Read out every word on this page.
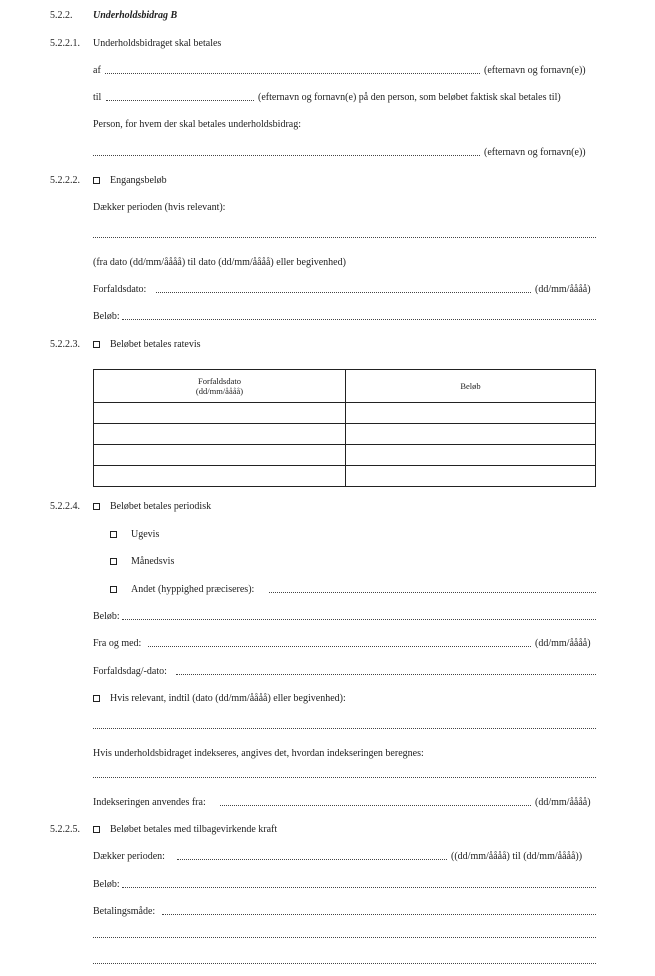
5.2.2. Underholdsbidrag B
5.2.2.1. Underholdsbidraget skal betales
af	(efternavn og fornavn(e))
til	(efternavn og fornavn(e) på den person, som beløbet faktisk skal betales til)
Person, for hvem der skal betales underholdsbidrag:
(efternavn og fornavn(e))
5.2.2.2.	Engangsbeløb
Dækker perioden (hvis relevant):
(fra dato (dd/mm/åååå) til dato (dd/mm/åååå) eller begivenhed)
Forfaldsdato:	(dd/mm/åååå)
Beløb:
5.2.2.3.	Beløbet betales ratevis
Forfaldsdato
(dd/mm/åååå)	Beløb

5.2.2.4.	Beløbet betales periodisk
Ugevis
Månedsvis
Andet (hyppighed præciseres):
Beløb:
Fra og med:	(dd/mm/åååå)
Forfaldsdag/-dato:
Hvis relevant, indtil (dato (dd/mm/åååå) eller begivenhed):
Hvis underholdsbidraget indekseres, angives det, hvordan indekseringen beregnes:
Indekseringen anvendes fra:	(dd/mm/åååå)
5.2.2.5.	Beløbet betales med tilbagevirkende kraft
Dækker perioden:	((dd/mm/åååå) til (dd/mm/åååå))
Beløb:
Betalingsmåde:
